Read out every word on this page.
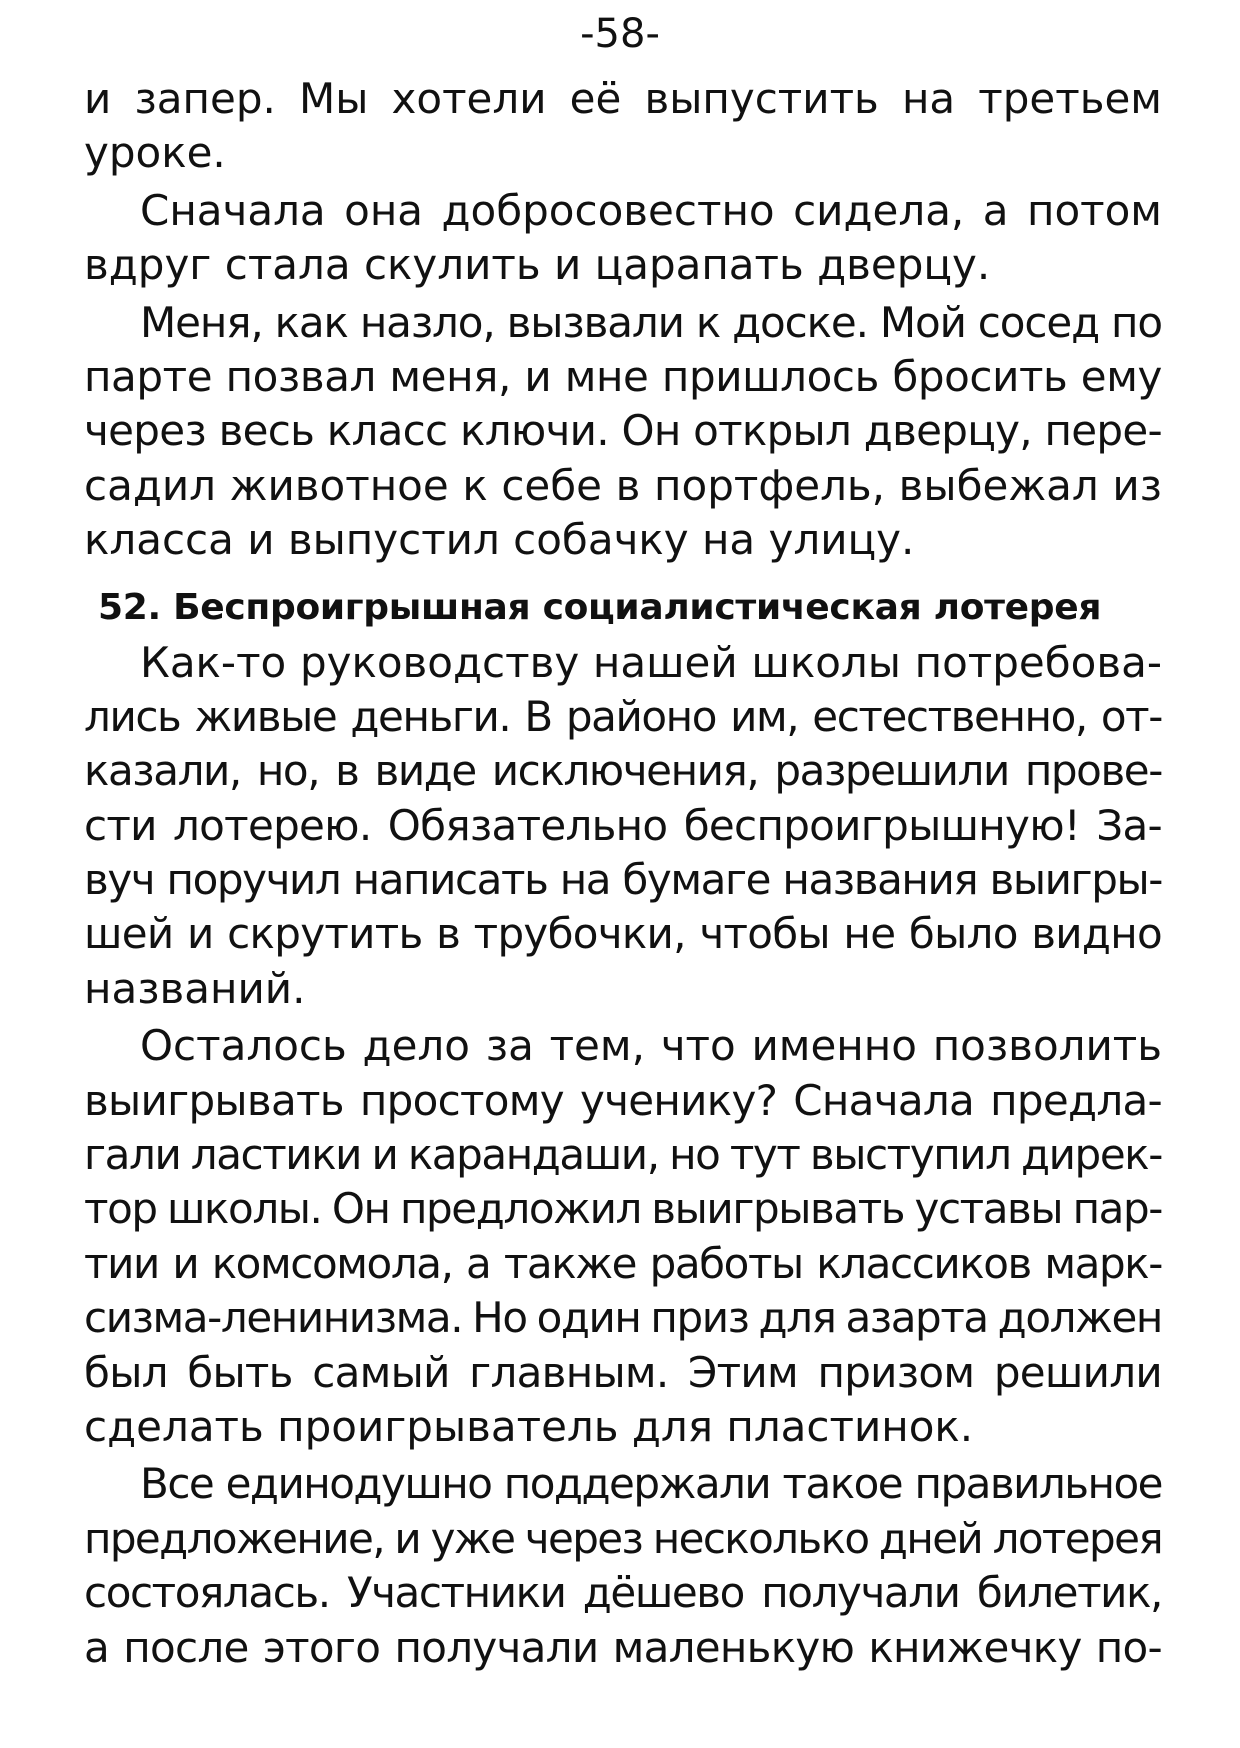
-58-
и запер. Мы хотели её выпустить на третьем
уроке.
Сначала она добросовестно сидела, а потом
вдруг стала скулить и царапать дверцу.
Меня, как назло, вызвали к доске. Мой сосед по
парте позвал меня, и мне пришлось бросить ему
через весь класс ключи. Он открыл дверцу, пере-
садил животное к себе в портфель, выбежал из
класса и выпустил собачку на улицу.
52. Беспроигрышная социалистическая лотерея
Как-то руководству нашей школы потребова-
лись живые деньги. В районо им, естественно, от-
казали, но, в виде исключения, разрешили прове-
сти лотерею. Обязательно беспроигрышную! За-
вуч поручил написать на бумаге названия выигры-
шей и скрутить в трубочки, чтобы не было видно
названий.
Осталось дело за тем, что именно позволить
выигрывать простому ученику? Сначала предла-
гали ластики и карандаши, но тут выступил дирек-
тор школы. Он предложил выигрывать уставы пар-
тии и комсомола, а также работы классиков марк-
сизма-ленинизма. Но один приз для азарта должен
был быть самый главным. Этим призом решили
сделать проигрыватель для пластинок.
Все единодушно поддержали такое правильное
предложение, и уже через несколько дней лотерея
состоялась. Участники дёшево получали билетик,
а после этого получали маленькую книжечку по-
